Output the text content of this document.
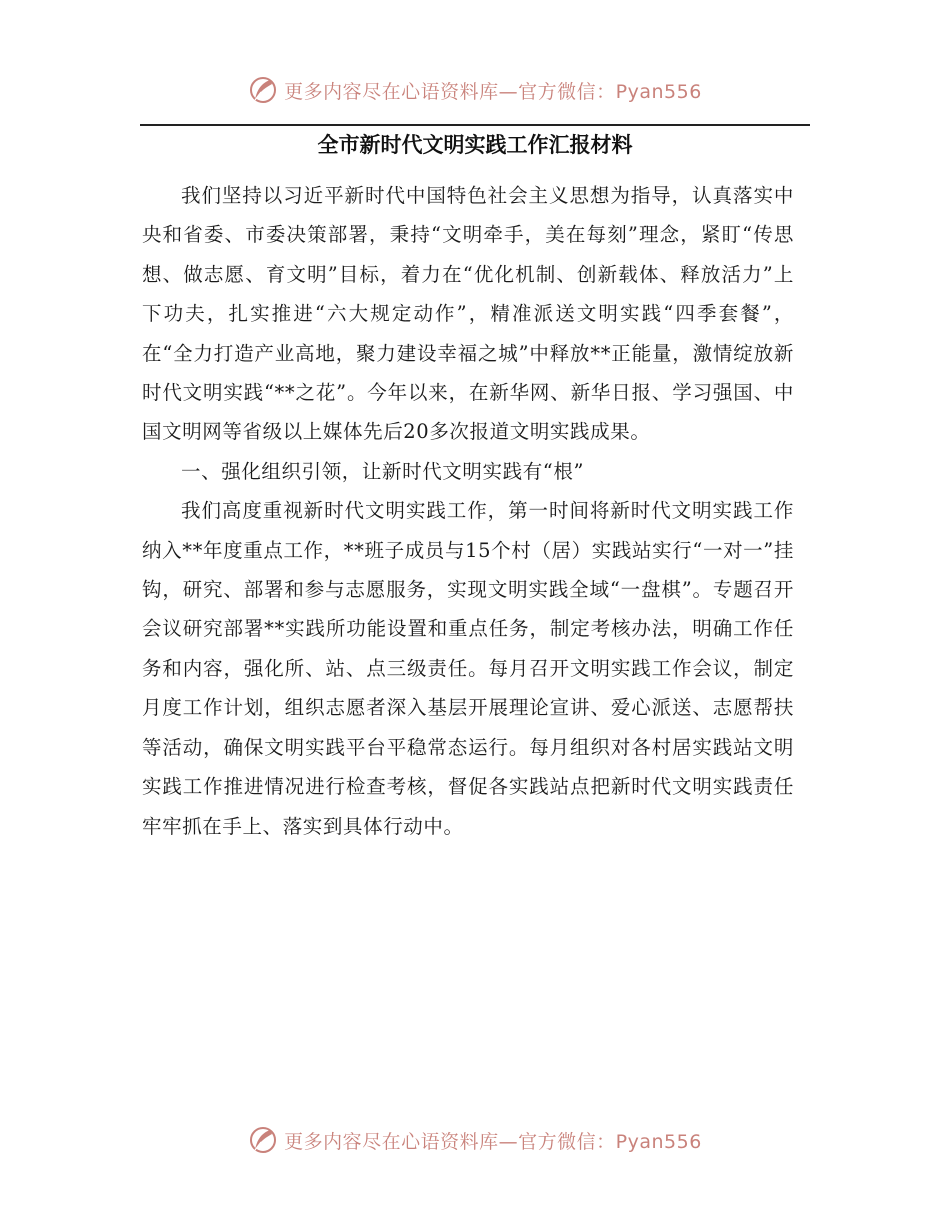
更多内容尽在心语资料库—官方微信：Pyan556
全市新时代文明实践工作汇报材料

我们坚持以习近平新时代中国特色社会主义思想为指导，认真落实中央和省委、市委决策部署，秉持“文明牵手，美在每刻”理念，紧盯“传思想、做志愿、育文明”目标，着力在“优化机制、创新载体、释放活力”上下功夫，扎实推进“六大规定动作”，精准派送文明实践“四季套餐”，在“全力打造产业高地，聚力建设幸福之城”中释放**正能量，激情绽放新时代文明实践“**之花”。今年以来，在新华网、新华日报、学习强国、中国文明网等省级以上媒体先后20多次报道文明实践成果。

一、强化组织引领，让新时代文明实践有“根”

我们高度重视新时代文明实践工作，第一时间将新时代文明实践工作纳入**年度重点工作，**班子成员与15个村（居）实践站实行“一对一”挂钩，研究、部署和参与志愿服务，实现文明实践全域“一盘棋”。专题召开会议研究部署**实践所功能设置和重点任务，制定考核办法，明确工作任务和内容，强化所、站、点三级责任。每月召开文明实践工作会议，制定月度工作计划，组织志愿者深入基层开展理论宣讲、爱心派送、志愿帮扶等活动，确保文明实践平台平稳常态运行。每月组织对各村居实践站文明实践工作推进情况进行检查考核，督促各实践站点把新时代文明实践责任牢牢抓在手上、落实到具体行动中。

更多内容尽在心语资料库—官方微信：Pyan556
